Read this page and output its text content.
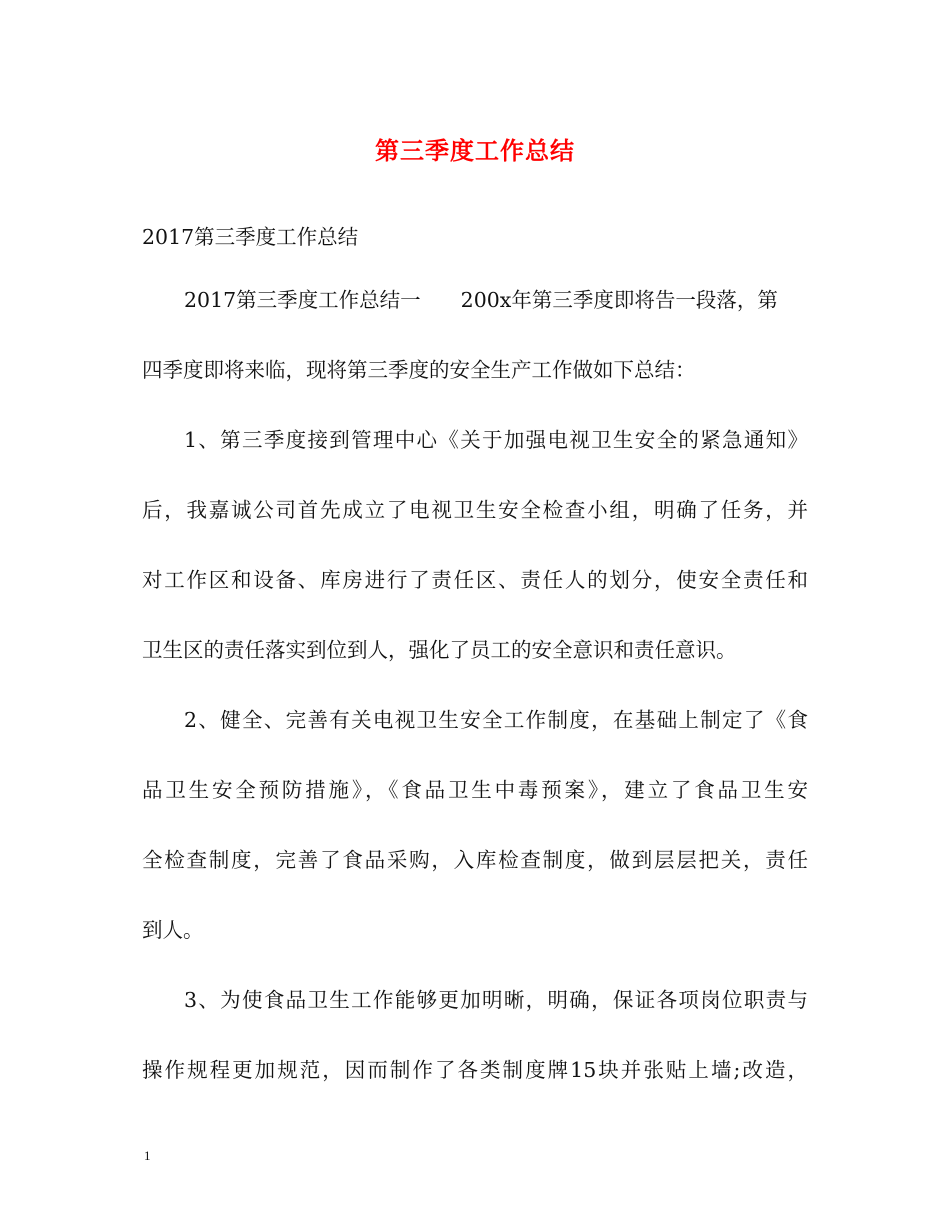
第三季度工作总结
2017第三季度工作总结
2017第三季度工作总结一 200x年第三季度即将告一段落，第
四季度即将来临，现将第三季度的安全生产工作做如下总结：
1、第三季度接到管理中心《关于加强电视卫生安全的紧急通知》
后，我嘉诚公司首先成立了电视卫生安全检查小组，明确了任务，并
对工作区和设备、库房进行了责任区、责任人的划分，使安全责任和
卫生区的责任落实到位到人，强化了员工的安全意识和责任意识。
2、健全、完善有关电视卫生安全工作制度，在基础上制定了《食
品卫生安全预防措施》，《食品卫生中毒预案》，建立了食品卫生安
全检查制度，完善了食品采购，入库检查制度，做到层层把关，责任
到人。
3、为使食品卫生工作能够更加明晰，明确，保证各项岗位职责与
操作规程更加规范，因而制作了各类制度牌15块并张贴上墙;改造，
1
